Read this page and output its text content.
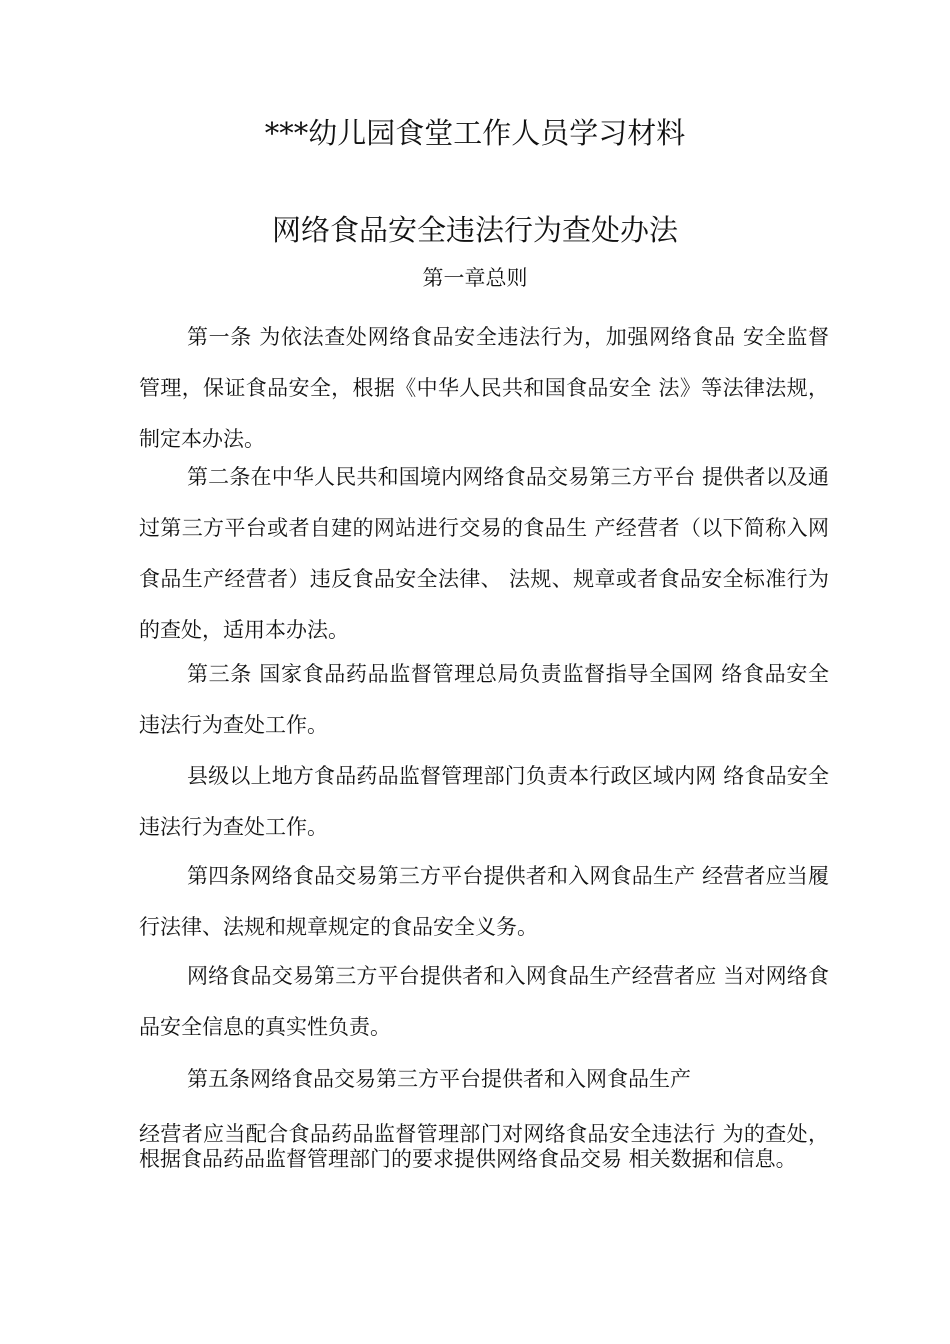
***幼儿园食堂工作人员学习材料
网络食品安全违法行为查处办法
第一章总则

第一条 为依法查处网络食品安全违法行为，加强网络食品 安全监督管理，保证食品安全，根据《中华人民共和国食品安全 法》等法律法规，制定本办法。

第二条在中华人民共和国境内网络食品交易第三方平台 提供者以及通过第三方平台或者自建的网站进行交易的食品生 产经营者（以下简称入网食品生产经营者）违反食品安全法律、 法规、规章或者食品安全标准行为的查处，适用本办法。

第三条 国家食品药品监督管理总局负责监督指导全国网 络食品安全违法行为查处工作。

县级以上地方食品药品监督管理部门负责本行政区域内网 络食品安全违法行为查处工作。

第四条网络食品交易第三方平台提供者和入网食品生产 经营者应当履行法律、法规和规章规定的食品安全义务。

网络食品交易第三方平台提供者和入网食品生产经营者应 当对网络食品安全信息的真实性负责。

第五条网络食品交易第三方平台提供者和入网食品生产

经营者应当配合食品药品监督管理部门对网络食品安全违法行 为的查处，根据食品药品监督管理部门的要求提供网络食品交易 相关数据和信息。
